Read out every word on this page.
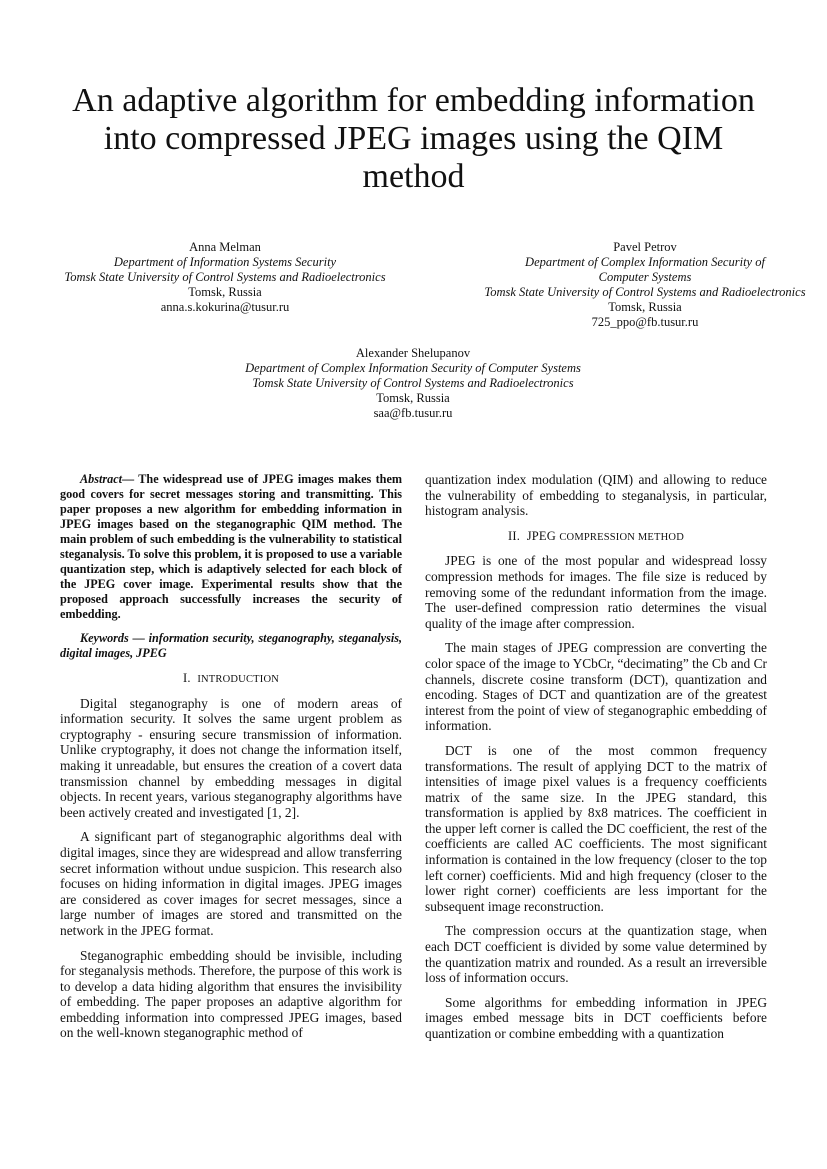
An adaptive algorithm for embedding information into compressed JPEG images using the QIM method
Anna Melman
Department of Information Systems Security
Tomsk State University of Control Systems and Radioelectronics
Tomsk, Russia
anna.s.kokurina@tusur.ru
Pavel Petrov
Department of Complex Information Security of Computer Systems
Tomsk State University of Control Systems and Radioelectronics
Tomsk, Russia
725_ppo@fb.tusur.ru
Alexander Shelupanov
Department of Complex Information Security of Computer Systems
Tomsk State University of Control Systems and Radioelectronics
Tomsk, Russia
saa@fb.tusur.ru

Abstract— The widespread use of JPEG images makes them good covers for secret messages storing and transmitting. This paper proposes a new algorithm for embedding information in JPEG images based on the steganographic QIM method. The main problem of such embedding is the vulnerability to statistical steganalysis. To solve this problem, it is proposed to use a variable quantization step, which is adaptively selected for each block of the JPEG cover image. Experimental results show that the proposed approach successfully increases the security of embedding.

Keywords — information security, steganography, steganalysis, digital images, JPEG

I. INTRODUCTION

Digital steganography is one of modern areas of information security. It solves the same urgent problem as cryptography - ensuring secure transmission of information. Unlike cryptography, it does not change the information itself, making it unreadable, but ensures the creation of a covert data transmission channel by embedding messages in digital objects. In recent years, various steganography algorithms have been actively created and investigated [1, 2].

A significant part of steganographic algorithms deal with digital images, since they are widespread and allow transferring secret information without undue suspicion. This research also focuses on hiding information in digital images. JPEG images are considered as cover images for secret messages, since a large number of images are stored and transmitted on the network in the JPEG format.

Steganographic embedding should be invisible, including for steganalysis methods. Therefore, the purpose of this work is to develop a data hiding algorithm that ensures the invisibility of embedding. The paper proposes an adaptive algorithm for embedding information into compressed JPEG images, based on the well-known steganographic method of

quantization index modulation (QIM) and allowing to reduce the vulnerability of embedding to steganalysis, in particular, histogram analysis.

II. JPEG COMPRESSION METHOD

JPEG is one of the most popular and widespread lossy compression methods for images. The file size is reduced by removing some of the redundant information from the image. The user-defined compression ratio determines the visual quality of the image after compression.

The main stages of JPEG compression are converting the color space of the image to YCbCr, “decimating” the Cb and Cr channels, discrete cosine transform (DCT), quantization and encoding. Stages of DCT and quantization are of the greatest interest from the point of view of steganographic embedding of information.

DCT is one of the most common frequency transformations. The result of applying DCT to the matrix of intensities of image pixel values is a frequency coefficients matrix of the same size. In the JPEG standard, this transformation is applied by 8x8 matrices. The coefficient in the upper left corner is called the DC coefficient, the rest of the coefficients are called AC coefficients. The most significant information is contained in the low frequency (closer to the top left corner) coefficients. Mid and high frequency (closer to the lower right corner) coefficients are less important for the subsequent image reconstruction.

The compression occurs at the quantization stage, when each DCT coefficient is divided by some value determined by the quantization matrix and rounded. As a result an irreversible loss of information occurs.

Some algorithms for embedding information in JPEG images embed message bits in DCT coefficients before quantization or combine embedding with a quantization
